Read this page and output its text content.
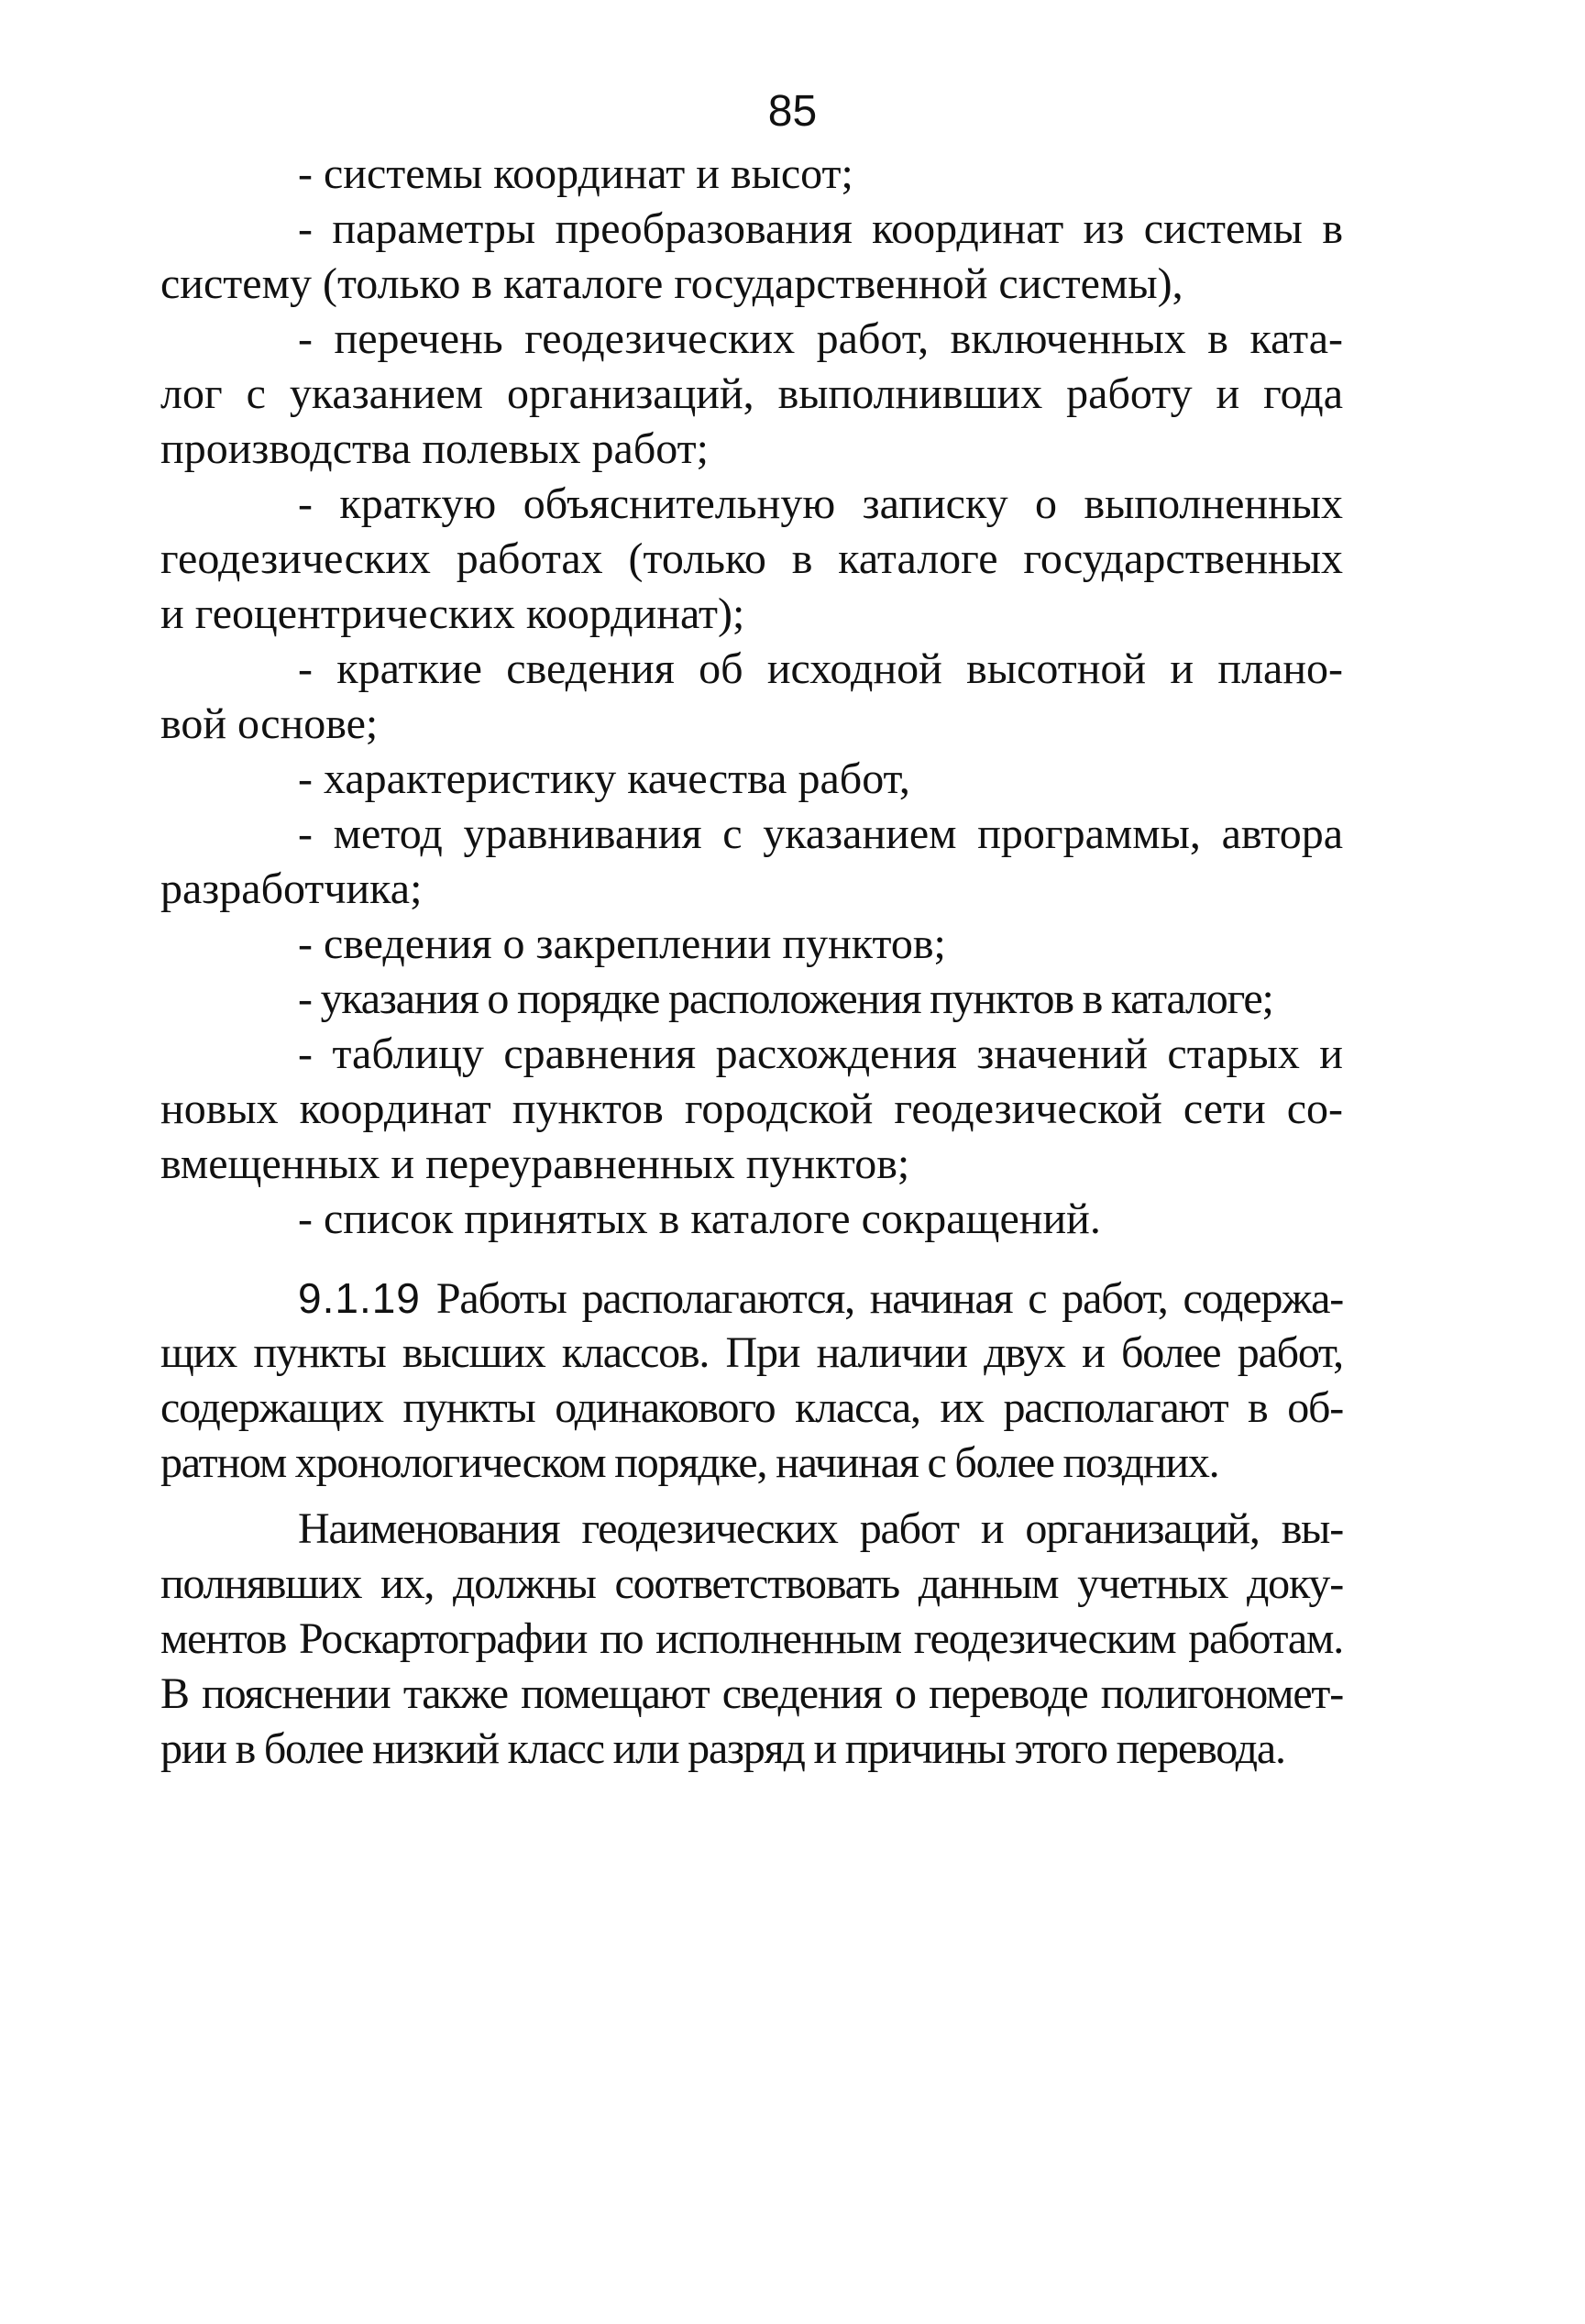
85
- системы координат и высот;
- параметры преобразования координат из системы в
систему (только в каталоге государственной системы),
- перечень геодезических работ, включенных в ката-
лог с указанием организаций, выполнивших работу и года
производства полевых работ;
- краткую объяснительную записку о выполненных
геодезических работах (только в каталоге государственных
и геоцентрических координат);
- краткие сведения об исходной высотной и плано-
вой основе;
- характеристику качества работ,
- метод уравнивания с указанием программы, автора
разработчика;
- сведения о закреплении пунктов;
- указания о порядке расположения пунктов в каталоге;
- таблицу сравнения расхождения значений старых и
новых координат пунктов городской геодезической сети со-
вмещенных и переуравненных пунктов;
- список принятых в каталоге сокращений.
9.1.19 Работы располагаются, начиная с работ, содержа-
щих пункты высших классов. При наличии двух и более работ,
содержащих пункты одинакового класса, их располагают в об-
ратном хронологическом порядке, начиная с более поздних.
Наименования геодезических работ и организаций, вы-
полнявших их, должны соответствовать данным учетных доку-
ментов Роскартографии по исполненным геодезическим работам.
В пояснении также помещают сведения о переводе полигономет-
рии в более низкий класс или разряд и причины этого перевода.
